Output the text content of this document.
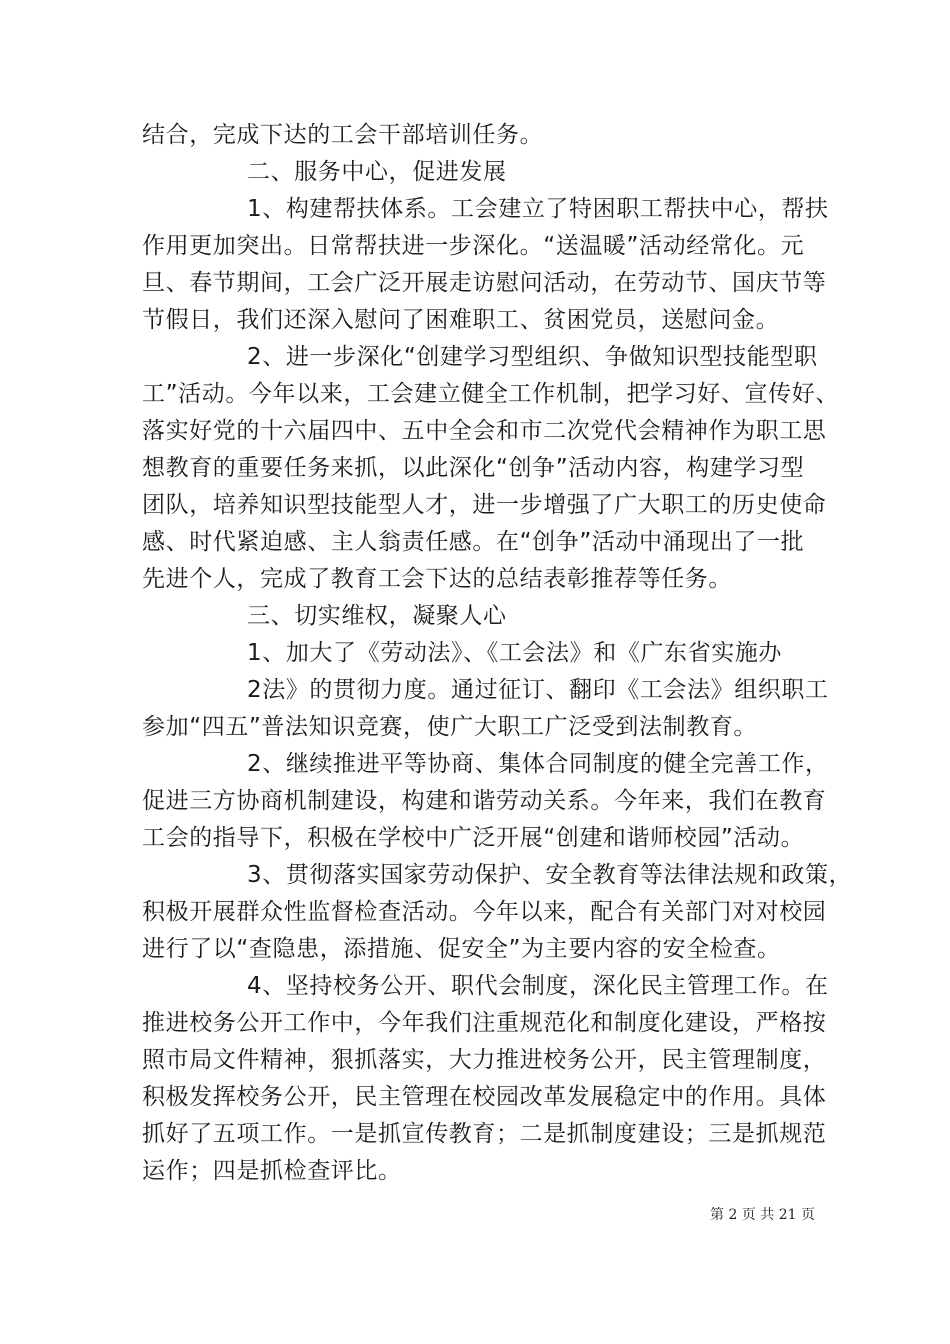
结合，完成下达的工会干部培训任务。
二、服务中心，促进发展
1、构建帮扶体系。工会建立了特困职工帮扶中心，帮扶
作用更加突出。日常帮扶进一步深化。“送温暖”活动经常化。元
旦、春节期间，工会广泛开展走访慰问活动，在劳动节、国庆节等
节假日，我们还深入慰问了困难职工、贫困党员，送慰问金。
2、进一步深化“创建学习型组织、争做知识型技能型职
工”活动。今年以来，工会建立健全工作机制，把学习好、宣传好、
落实好党的十六届四中、五中全会和市二次党代会精神作为职工思
想教育的重要任务来抓，以此深化“创争”活动内容，构建学习型
团队，培养知识型技能型人才，进一步增强了广大职工的历史使命
感、时代紧迫感、主人翁责任感。在“创争”活动中涌现出了一批
先进个人，完成了教育工会下达的总结表彰推荐等任务。
三、切实维权，凝聚人心
1、加大了《劳动法》、《工会法》和《广东省实施办
2法》的贯彻力度。通过征订、翻印《工会法》组织职工
参加“四五”普法知识竞赛，使广大职工广泛受到法制教育。
2、继续推进平等协商、集体合同制度的健全完善工作，
促进三方协商机制建设，构建和谐劳动关系。今年来，我们在教育
工会的指导下，积极在学校中广泛开展“创建和谐师校园”活动。
3、贯彻落实国家劳动保护、安全教育等法律法规和政策，
积极开展群众性监督检查活动。今年以来，配合有关部门对对校园
进行了以“查隐患，添措施、促安全”为主要内容的安全检查。
4、坚持校务公开、职代会制度，深化民主管理工作。在
推进校务公开工作中，今年我们注重规范化和制度化建设，严格按
照市局文件精神，狠抓落实，大力推进校务公开，民主管理制度，
积极发挥校务公开，民主管理在校园改革发展稳定中的作用。具体
抓好了五项工作。一是抓宣传教育；二是抓制度建设；三是抓规范
运作；四是抓检查评比。
第 2 页 共 21 页
